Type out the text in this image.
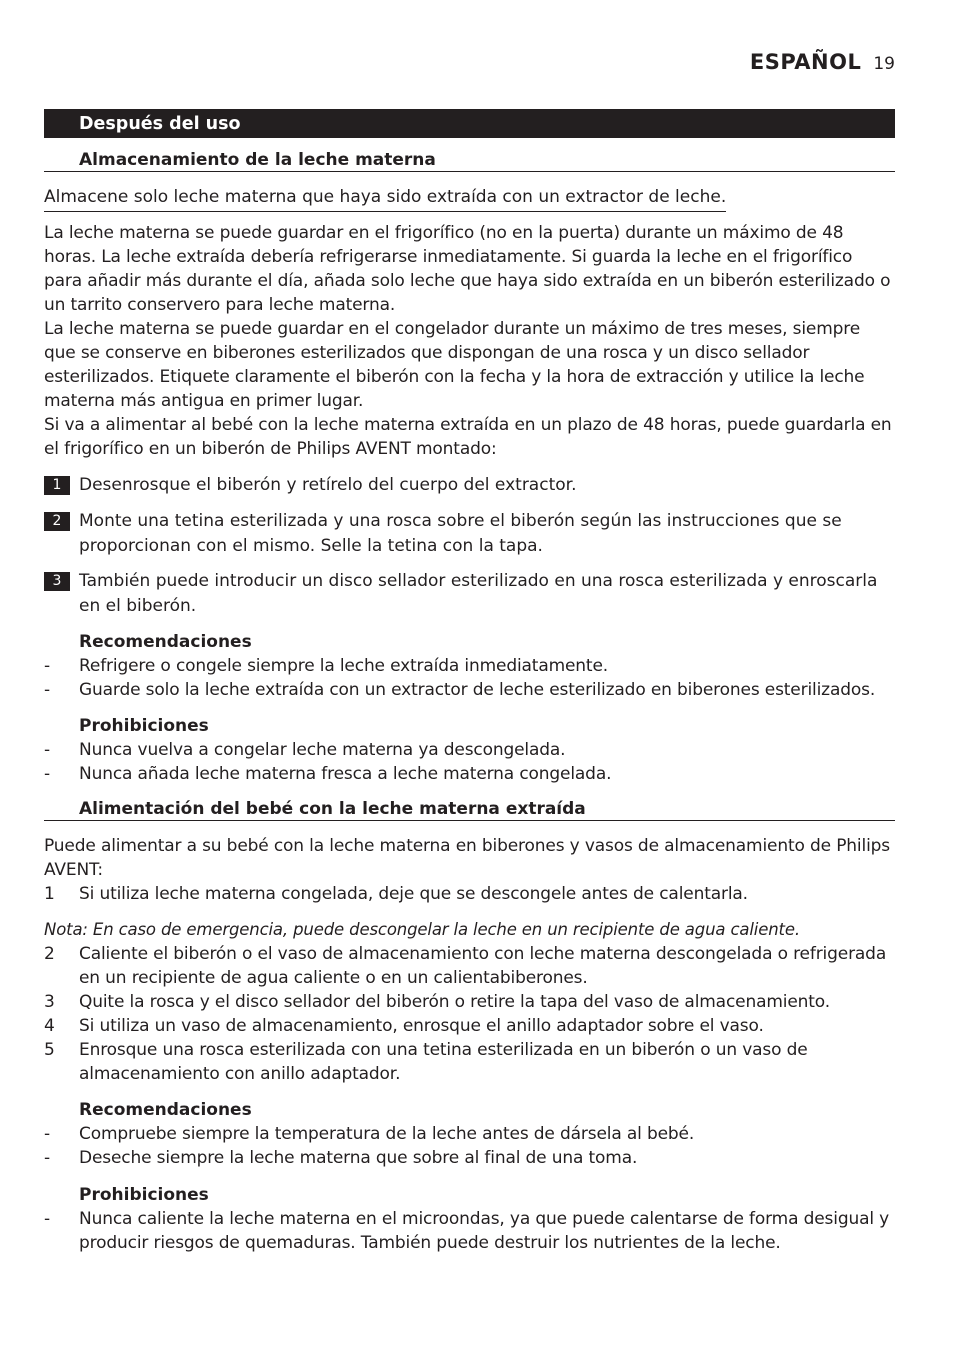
ESPAÑOL 19
Después del uso
Almacenamiento de la leche materna
Almacene solo leche materna que haya sido extraída con un extractor de leche.

La leche materna se puede guardar en el frigorífico (no en la puerta) durante un máximo de 48 horas. La leche extraída debería refrigerarse inmediatamente. Si guarda la leche en el frigorífico para añadir más durante el día, añada solo leche que haya sido extraída en un biberón esterilizado o un tarrito conservero para leche materna.

La leche materna se puede guardar en el congelador durante un máximo de tres meses, siempre que se conserve en biberones esterilizados que dispongan de una rosca y un disco sellador esterilizados. Etiquete claramente el biberón con la fecha y la hora de extracción y utilice la leche materna más antigua en primer lugar.

Si va a alimentar al bebé con la leche materna extraída en un plazo de 48 horas, puede guardarla en el frigorífico en un biberón de Philips AVENT montado:

1	Desenrosque el biberón y retírelo del cuerpo del extractor.
2	Monte una tetina esterilizada y una rosca sobre el biberón según las instrucciones que se proporcionan con el mismo. Selle la tetina con la tapa.
3	También puede introducir un disco sellador esterilizado en una rosca esterilizada y enroscarla en el biberón.
Recomendaciones
- Refrigere o congele siempre la leche extraída inmediatamente.
- Guarde solo la leche extraída con un extractor de leche esterilizado en biberones esterilizados.
Prohibiciones
- Nunca vuelva a congelar leche materna ya descongelada.
- Nunca añada leche materna fresca a leche materna congelada.
Alimentación del bebé con la leche materna extraída

Puede alimentar a su bebé con la leche materna en biberones y vasos de almacenamiento de Philips AVENT:

1 Si utiliza leche materna congelada, deje que se descongele antes de calentarla.
Nota: En caso de emergencia, puede descongelar la leche en un recipiente de agua caliente.
2 Caliente el biberón o el vaso de almacenamiento con leche materna descongelada o refrigerada en un recipiente de agua caliente o en un calientabiberones.
3 Quite la rosca y el disco sellador del biberón o retire la tapa del vaso de almacenamiento.
4 Si utiliza un vaso de almacenamiento, enrosque el anillo adaptador sobre el vaso.
5 Enrosque una rosca esterilizada con una tetina esterilizada en un biberón o un vaso de almacenamiento con anillo adaptador.
Recomendaciones
- Compruebe siempre la temperatura de la leche antes de dársela al bebé.
- Deseche siempre la leche materna que sobre al final de una toma.
Prohibiciones
- Nunca caliente la leche materna en el microondas, ya que puede calentarse de forma desigual y producir riesgos de quemaduras. También puede destruir los nutrientes de la leche.
